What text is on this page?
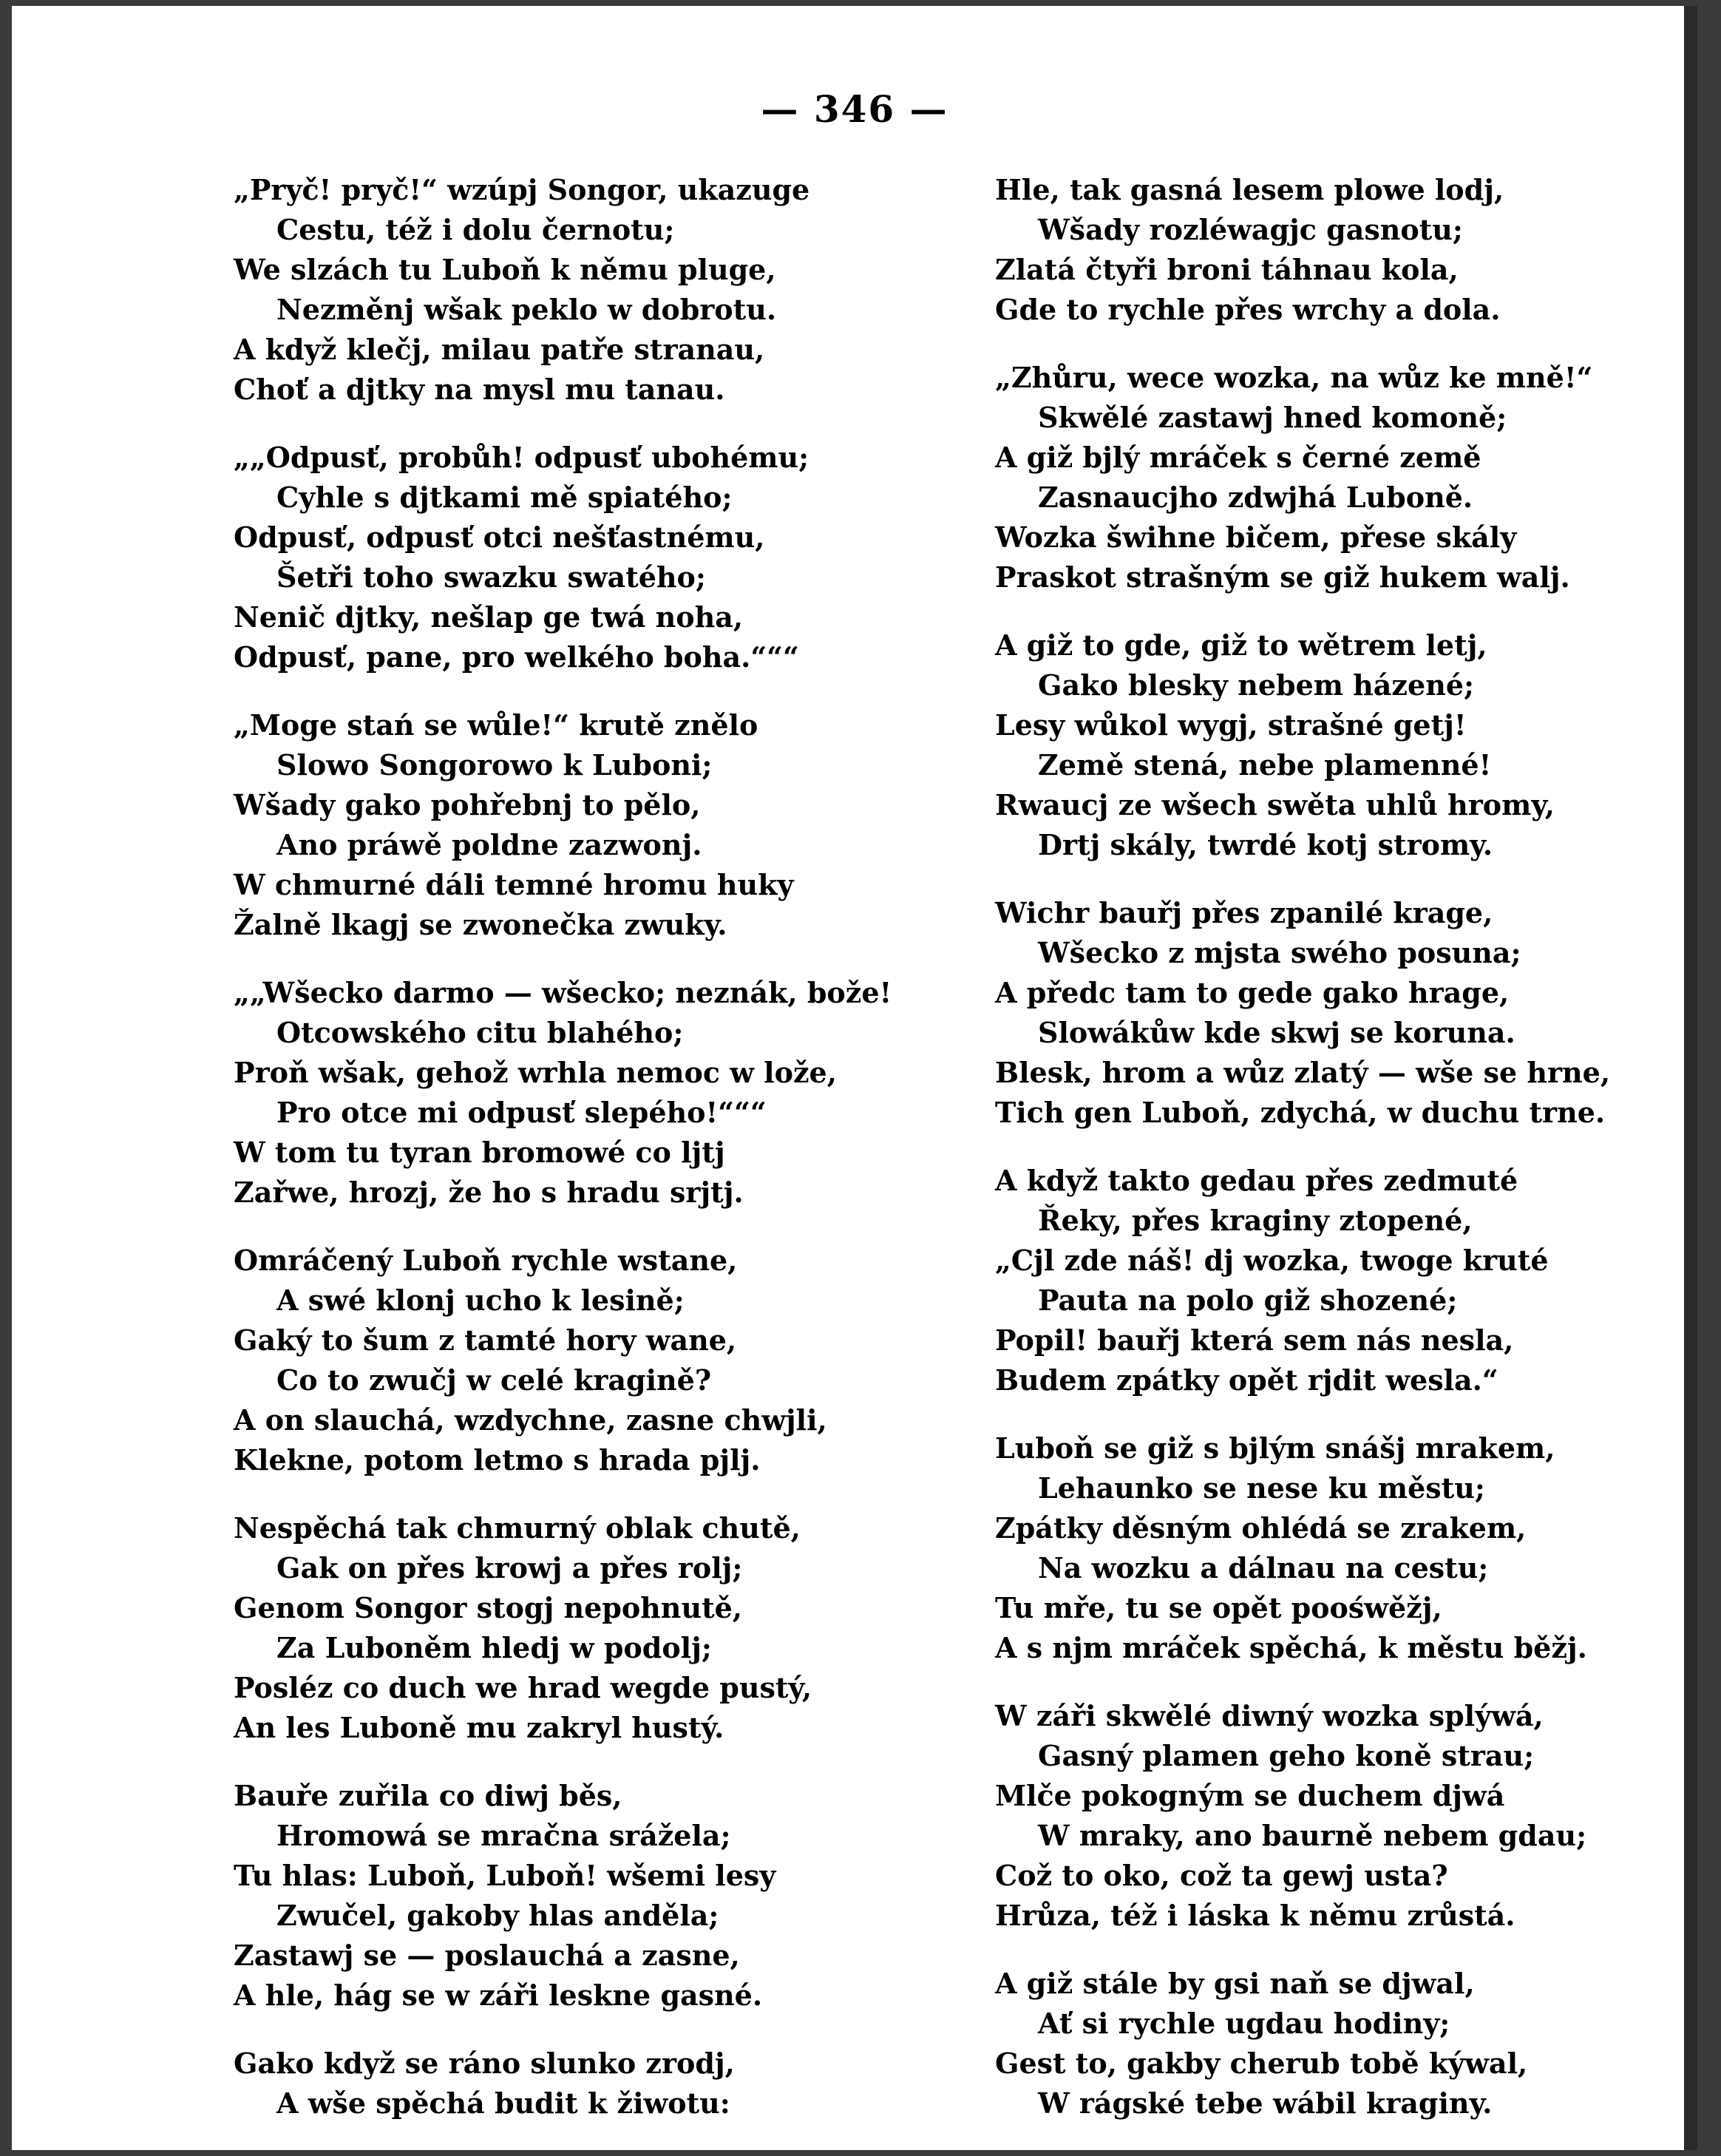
— 346 —
„Pryč! pryč!“ wzúpj Songor, ukazuge
Cestu, též i dolu černotu;
We slzách tu Luboň k němu pluge,
Nezměnj wšak peklo w dobrotu.
A když klečj, milau patře stranau,
Choť a djtky na mysl mu tanau.
„„Odpusť, probůh! odpusť ubohému;
Cyhle s djtkami mě spiatého;
Odpusť, odpusť otci nešťastnému,
Šetři toho swazku swatého;
Nenič djtky, nešlap ge twá noha,
Odpusť, pane, pro welkého boha.“““
„Moge stań se wůle!“ krutě znělo
Slowo Songorowo k Luboni;
Wšady gako pohřebnj to pělo,
Ano práwě poldne zazwonj.
W chmurné dáli temné hromu huky
Žalně lkagj se zwonečka zwuky.
„„Wšecko darmo — wšecko; neznák, bože!
Otcowského citu blahého;
Proň wšak, gehož wrhla nemoc w lože,
Pro otce mi odpusť slepého!“““
W tom tu tyran bromowé co ljtj
Zařwe, hrozj, že ho s hradu srjtj.
Omráčený Luboň rychle wstane,
A swé klonj ucho k lesině;
Gaký to šum z tamté hory wane,
Co to zwučj w celé kragině?
A on slauchá, wzdychne, zasne chwjli,
Klekne, potom letmo s hrada pjlj.
Nespěchá tak chmurný oblak chutě,
Gak on přes krowj a přes rolj;
Genom Songor stogj nepohnutě,
Za Luboněm hledj w podolj;
Posléz co duch we hrad wegde pustý,
An les Luboně mu zakryl hustý.
Bauře zuřila co diwj běs,
Hromowá se mračna srážela;
Tu hlas: Luboň, Luboň! wšemi lesy
Zwučel, gakoby hlas anděla;
Zastawj se — poslauchá a zasne,
A hle, hág se w záři leskne gasné.
Gako když se ráno slunko zrodj,
A wše spěchá budit k žiwotu:
Hle, tak gasná lesem plowe lodj,
Wšady rozléwagjc gasnotu;
Zlatá čtyři broni táhnau kola,
Gde to rychle přes wrchy a dola.
„Zhůru, wece wozka, na wůz ke mně!“
Skwělé zastawj hned komoně;
A giž bjlý mráček s černé země
Zasnaucjho zdwjhá Luboně.
Wozka šwihne bičem, přese skály
Praskot strašným se giž hukem walj.
A giž to gde, giž to wětrem letj,
Gako blesky nebem házené;
Lesy wůkol wygj, strašné getj!
Země stená, nebe plamenné!
Rwaucj ze wšech swěta uhlů hromy,
Drtj skály, twrdé kotj stromy.
Wichr bauřj přes zpanilé krage,
Wšecko z mjsta swého posuna;
A předc tam to gede gako hrage,
Slowákůw kde skwj se koruna.
Blesk, hrom a wůz zlatý — wše se hrne,
Tich gen Luboň, zdychá, w duchu trne.
A když takto gedau přes zedmuté
Řeky, přes kraginy ztopené,
„Cjl zde náš! dj wozka, twoge kruté
Pauta na polo giž shozené;
Popil! bauřj která sem nás nesla,
Budem zpátky opět rjdit wesla.“
Luboň se giž s bjlým snášj mrakem,
Lehaunko se nese ku městu;
Zpátky děsným ohlédá se zrakem,
Na wozku a dálnau na cestu;
Tu mře, tu se opět poośwěžj,
A s njm mráček spěchá, k městu běžj.
W záři skwělé diwný wozka splýwá,
Gasný plamen geho koně strau;
Mlče pokogným se duchem djwá
W mraky, ano baurně nebem gdau;
Což to oko, což ta gewj usta?
Hrůza, též i láska k němu zrůstá.
A giž stále by gsi naň se djwal,
Ať si rychle ugdau hodiny;
Gest to, gakby cherub tobě kýwal,
W rágské tebe wábil kraginy.
